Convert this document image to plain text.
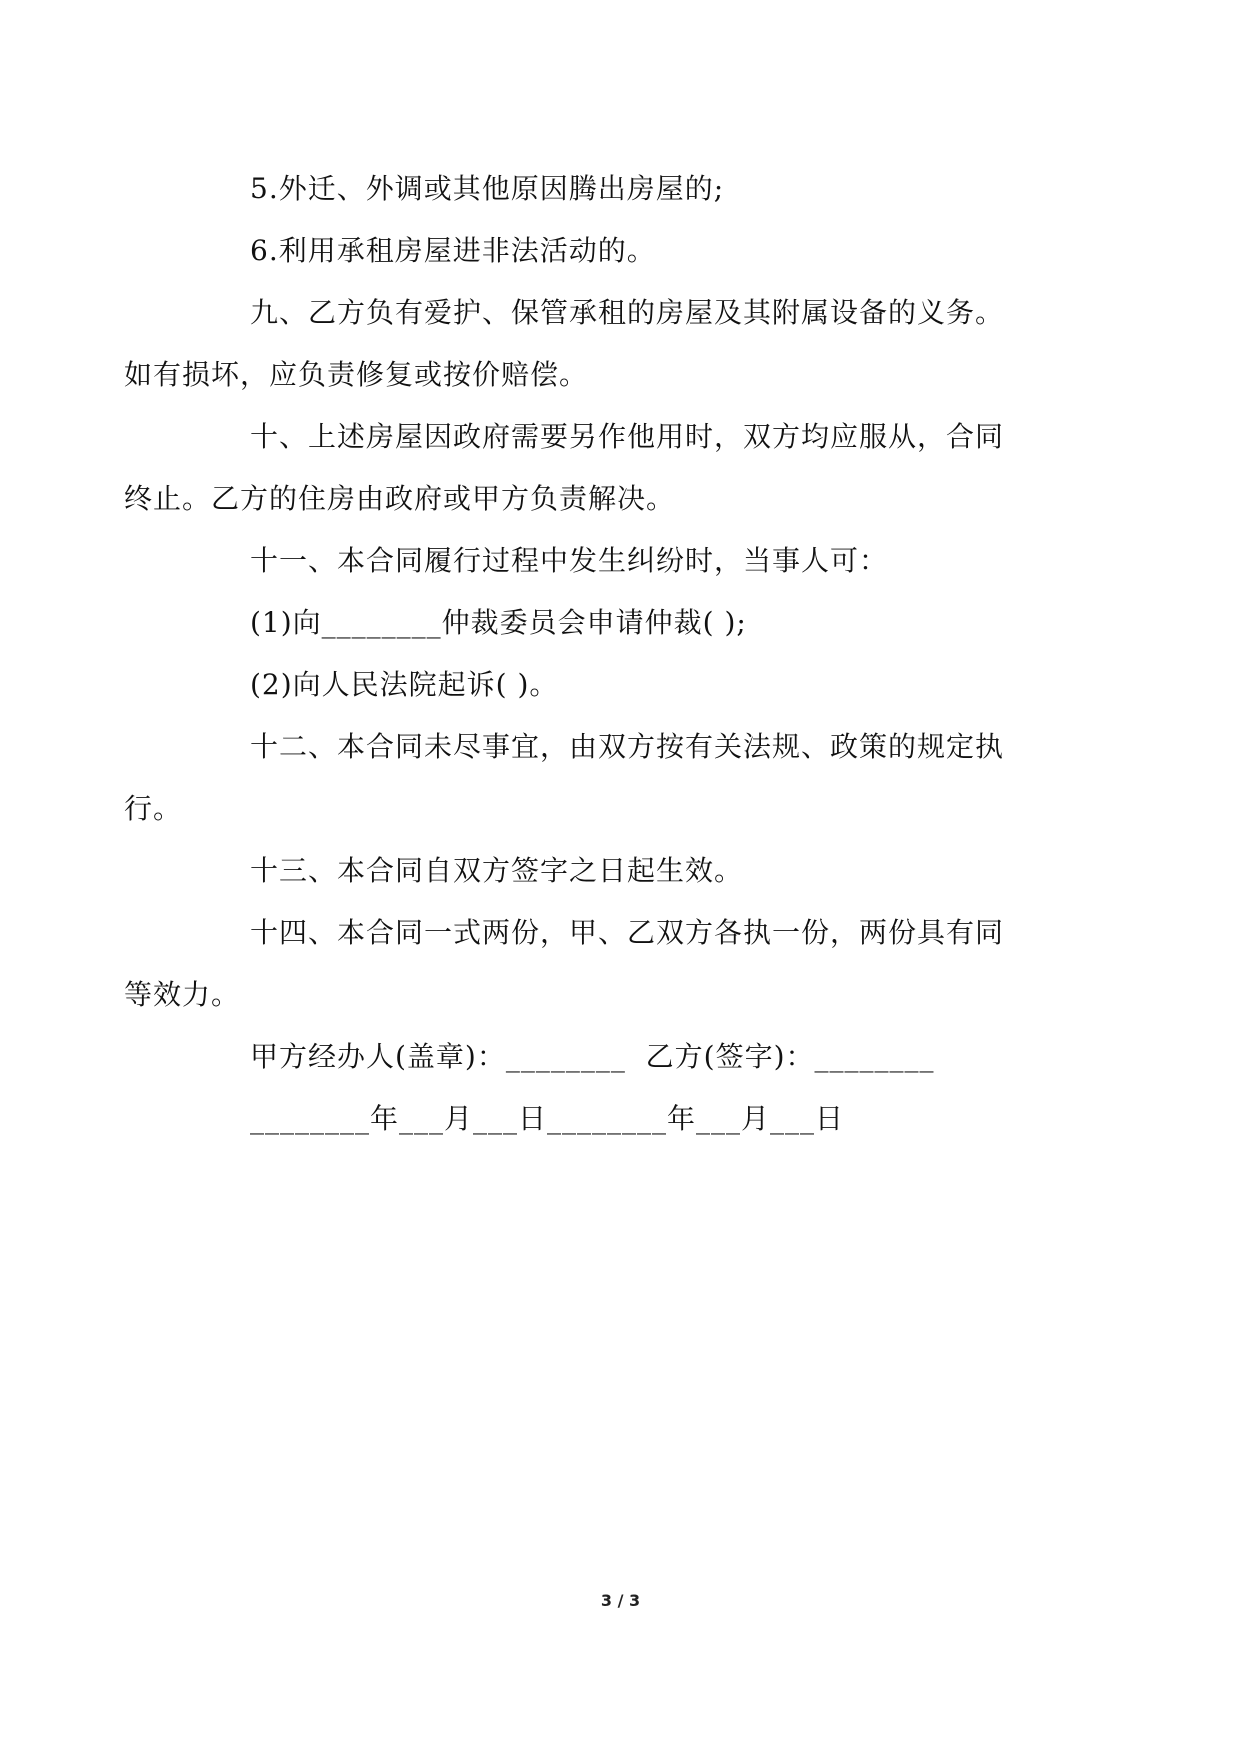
5.外迁、外调或其他原因腾出房屋的;

6.利用承租房屋进非法活动的。

九、乙方负有爱护、保管承租的房屋及其附属设备的义务。
如有损坏，应负责修复或按价赔偿。

十、上述房屋因政府需要另作他用时，双方均应服从，合同
终止。乙方的住房由政府或甲方负责解决。

十一、本合同履行过程中发生纠纷时，当事人可：

(1)向________仲裁委员会申请仲裁( );

(2)向人民法院起诉( )。

十二、本合同未尽事宜，由双方按有关法规、政策的规定执
行。

十三、本合同自双方签字之日起生效。

十四、本合同一式两份，甲、乙双方各执一份，两份具有同
等效力。

甲方经办人(盖章)：________  乙方(签字)：________

________年___月___日________年___月___日

3 / 3
